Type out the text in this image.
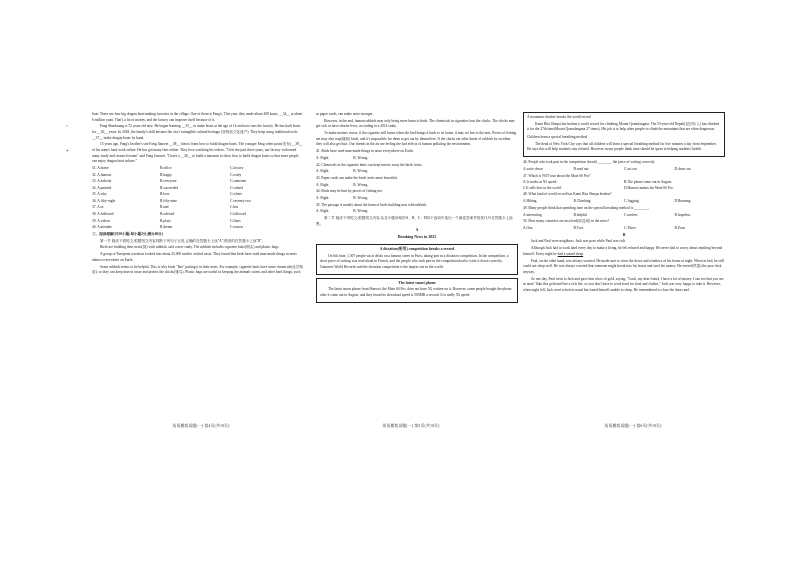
"
*

boat. There are four big dragon boat-making factories in the village. One of them is Fang's. This year, they made about 200 boats, __34__ at about 6 million yuan. That's a lot of money, and the factory can improve itself because of it.

Fang Shaohuang is 72 years old now. He began learning __35__ to make boats at the age of 14 and now runs the factory. He has built boats for __36__ years. In 2018, the family's skill became the city's intangible cultural heritage (非物质文化遗产). They keep using traditional tools __37__ make dragon boats by hand.

15 years ago, Fang's brother's son Fang Jianwei __38__ him to learn how to build dragon boats. The younger Fang often posts(发布) __39__ of his team's hard work online. He has got many fans online. They love watching his videos. "Over the past three years, our factory welcomed many study and research teams" said Fang Jianwei. "I have a __40__ to build a museum to show how to build dragon boats so that more people can enjoy dragon boat culture."

31. A.home	B.office	C.factory
32. A.famous	B.happy	C.ready
33. A.nobody	B.everyone	C.someone
34. A.painted	B.succeeded	C.valued
35. A.why	B.how	C.where
36. A.fifty-eight	B.fifty-nine	C.seventy-two
37. A.or	B.and	C.but
38. A.followed	B.advised	C.followed
39. A.videos	B.plays	C.films
40. A.mistake	B.dream	C.reason

三、阅读理解(共20小题;每小题2分,满分40分)

第一节 阅读下面短文,根据短文内容判断下列句子正误,正确的在答题卡上涂"A",错误的在答题卡上涂"B"。

Birds are building their nests(窝) with rubbish, said a new study. The rubbish includes cigarette butts(烟头) and plastic bags.

A group of European scientists looked into about 25,000 studies on bird nests. They found that birds have used man-made things in nests almost everywhere on Earth.

Some rubbish seems to be helpful. This is why birds "like" putting it in their nests. For example, cigarette butts have some chemicals(化学物质), so they can keep insects away and protect the chicks(雏鸟). Plastic bags are useful in keeping the animals warm, and other hard things, such

as paper cards, can make nests stronger.

However, in the end, human rubbish may only bring more harm to birds. The chemicals in cigarettes hurt the chicks. The chicks may get sick or have shorter lives, according to a 2014 study.

To make matters worse, if the cigarette still burns when the bird brings it back to its home, it may set fire to the nest. Pieces of fishing net may also trap(捕获) birds, and it's impossible for them to get out by themselves. If the chicks eat other kinds of rubbish by accident, they will also get hurt. Our friends in the air are feeling the bad effects of human polluting the environment.

41. Birds have used man-made things in nests everywhere on Earth.

A. Right.	B. Wrong.

42. Chemicals in the cigarette butts can keep insects away the birds' nests.

A. Right.	B. Wrong.

43. Paper cards can make the birds' nests more beautiful.

A. Right.	B. Wrong.

44. Birds may be hurt by pieces of fishing net.

A. Right.	B. Wrong.

45. The passage is mainly about the harm of birds building nest with rubbish.

A. Right.	B. Wrong.

第二节 阅读下列短文,根据短文内容,从各小题所给的A、B、C、D四个选项中选出一个最佳答案并将其代号在答题卡上涂黑。

A

Breaking News in 2023

A dictation(听写) competition breaks a record

On 6th June, 1,507 people sat at desks on a famous street in Paris, taking part in a dictation competition. In the competition, a short piece of writing was read aloud in French, and the people who took part in the competition had to write it down correctly. Guinness World Records said the dictation competition is the largest one in the world.

The latest smart phone

The latest smart phone from Huawei, the Mate 60 Pro, does not have 5G written on it. However, some people bought the phone after it came out in August, and they found its download speed is 500MB a second. It is really 5G speed.

A mountain climber breaks the world record

Kami Rita Sherpa has broken a world record for climbing Mount Qomolangma. The 53-year-old Nepali(尼泊尔人) has climbed it for the 27th time(Mount Qomolangma 27 times). His job is to help other people to climb the mountains that are often dangerous.

Children learn a special breathing method

The head of New York City says that all children will learn a special breathing method for five minutes a day from September. He says this will help students stay relaxed. However, many people think time should be spent in helping students' health.

46. People who took part in the competition should ________ the piece of writing correctly.

A.write down	B.read out	C.act out	D.draw out

47. Which is NOT true about the Mate 60 Pro?

A.It works at 5G speed.	B.The phone came out in August.
C.It sells best in the world.	D.Huawei makes the Mate 60 Pro.

48. What kind of world record has Kami Rita Sherpa broken?

A.Hiking.	B.Climbing.	C.Jogging.	D.Running.

49. Many people think that spending time on the special breathing method is ________.

A.interesting	B.helpful	C.useless	D.hopeless

50. How many countries are involved(涉及到) in the news?

A.One.	B.Two.	C.Three.	D.Four.

B

Jack and Paul were neighbors. Jack was poor while Paul was rich.

Although Jack had to work hard every day to make a living, he felt relaxed and happy. He never had to worry about anything beyond himself. Every night he had a sound sleep.

Paul, on the other hand, was always worried. He made sure to close the doors and windows of his house at night. When in bed, he still could not sleep well. He was always worried that someone might break into his house and steal his money. He envied(羡慕) the poor Jack anyway.

So one day, Paul went to Jack and gave him a box of gold, saying, "Look, my dear friend, I have a lot of money. I can see that you are in need. Take this gold and live a rich life, so you don't have to work hard for food and clothes." Jack was very happy to take it. However, when night fell, Jack went to bed as usual but found himself unable to sleep. He remembered to close the doors and

英语模拟试题(一) 第4页(共10页)	英语模拟试题(一) 第5页(共10页)	英语模拟试题(一) 第6页(共10页)
